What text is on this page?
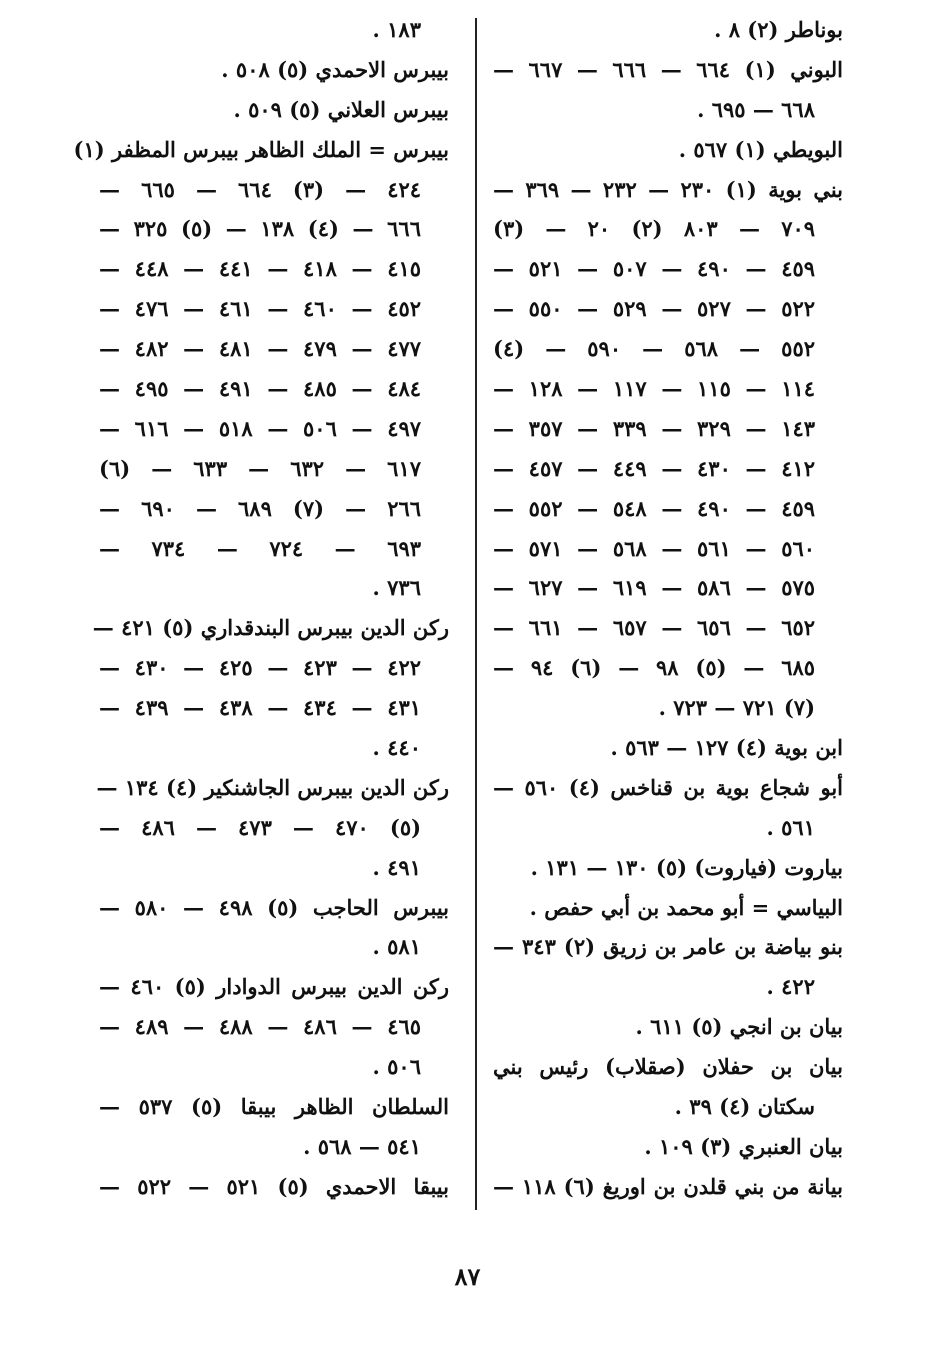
بوناطر (٢) ٨ .
البوني (١) ٦٦٤ — ٦٦٦ — ٦٦٧ —
٦٦٨ — ٦٩٥ .
البويطي (١) ٥٦٧ .
بني بوية (١) ٢٣٠ — ٢٣٢ — ٣٦٩ —
٧٠٩ — ٨٠٣ (٢) ٢٠ — (٣)
٤٥٩ — ٤٩٠ — ٥٠٧ — ٥٢١ —
٥٢٢ — ٥٢٧ — ٥٢٩ — ٥٥٠ —
٥٥٢ — ٥٦٨ — ٥٩٠ — (٤)
١١٤ — ١١٥ — ١١٧ — ١٢٨ —
١٤٣ — ٣٢٩ — ٣٣٩ — ٣٥٧ —
٤١٢ — ٤٣٠ — ٤٤٩ — ٤٥٧ —
٤٥٩ — ٤٩٠ — ٥٤٨ — ٥٥٢ —
٥٦٠ — ٥٦١ — ٥٦٨ — ٥٧١ —
٥٧٥ — ٥٨٦ — ٦١٩ — ٦٢٧ —
٦٥٢ — ٦٥٦ — ٦٥٧ — ٦٦١ —
٦٨٥ — (٥) ٩٨ — (٦) ٩٤ —
(٧) ٧٢١ — ٧٢٣ .
ابن بوية (٤) ١٢٧ — ٥٦٣ .
أبو شجاع بوية بن قناخس (٤) ٥٦٠ —
٥٦١ .
بياروت (فياروت) (٥) ١٣٠ — ١٣١ .
البياسي = أبو محمد بن أبي حفص .
بنو بياضة بن عامر بن زريق (٢) ٣٤٣ —
٤٢٢ .
بيان بن انجي (٥) ٦١١ .
بيان بن حفلان (صقلاب) رئيس بني
سكتان (٤) ٣٩ .
بيان العنبري (٣) ١٠٩ .
بيانة من بني قلدن بن اوريغ (٦) ١١٨ —
١٨٣ .
بيبرس الاحمدي (٥) ٥٠٨ .
بيبرس العلاني (٥) ٥٠٩ .
بيبرس = الملك الظاهر بيبرس المظفر (١)
٤٢٤ — (٣) ٦٦٤ — ٦٦٥ —
٦٦٦ — (٤) ١٣٨ — (٥) ٣٢٥ —
٤١٥ — ٤١٨ — ٤٤١ — ٤٤٨ —
٤٥٢ — ٤٦٠ — ٤٦١ — ٤٧٦ —
٤٧٧ — ٤٧٩ — ٤٨١ — ٤٨٢ —
٤٨٤ — ٤٨٥ — ٤٩١ — ٤٩٥ —
٤٩٧ — ٥٠٦ — ٥١٨ — ٦١٦ —
٦١٧ — ٦٣٢ — ٦٣٣ — (٦)
٢٦٦ — (٧) ٦٨٩ — ٦٩٠ —
٦٩٣ — ٧٢٤ — ٧٣٤ —
٧٣٦ .
ركن الدين بيبرس البندقداري (٥) ٤٢١ —
٤٢٢ — ٤٢٣ — ٤٢٥ — ٤٣٠ —
٤٣١ — ٤٣٤ — ٤٣٨ — ٤٣٩ —
٤٤٠ .
ركن الدين بيبرس الجاشنكير (٤) ١٣٤ —
(٥) ٤٧٠ — ٤٧٣ — ٤٨٦ —
٤٩١ .
بيبرس الحاجب (٥) ٤٩٨ — ٥٨٠ —
٥٨١ .
ركن الدين بيبرس الدوادار (٥) ٤٦٠ —
٤٦٥ — ٤٨٦ — ٤٨٨ — ٤٨٩ —
٥٠٦ .
السلطان الظاهر بيبقا (٥) ٥٣٧ —
٥٤١ — ٥٦٨ .
بيبقا الاحمدي (٥) ٥٢١ — ٥٢٢ —
٨٧
